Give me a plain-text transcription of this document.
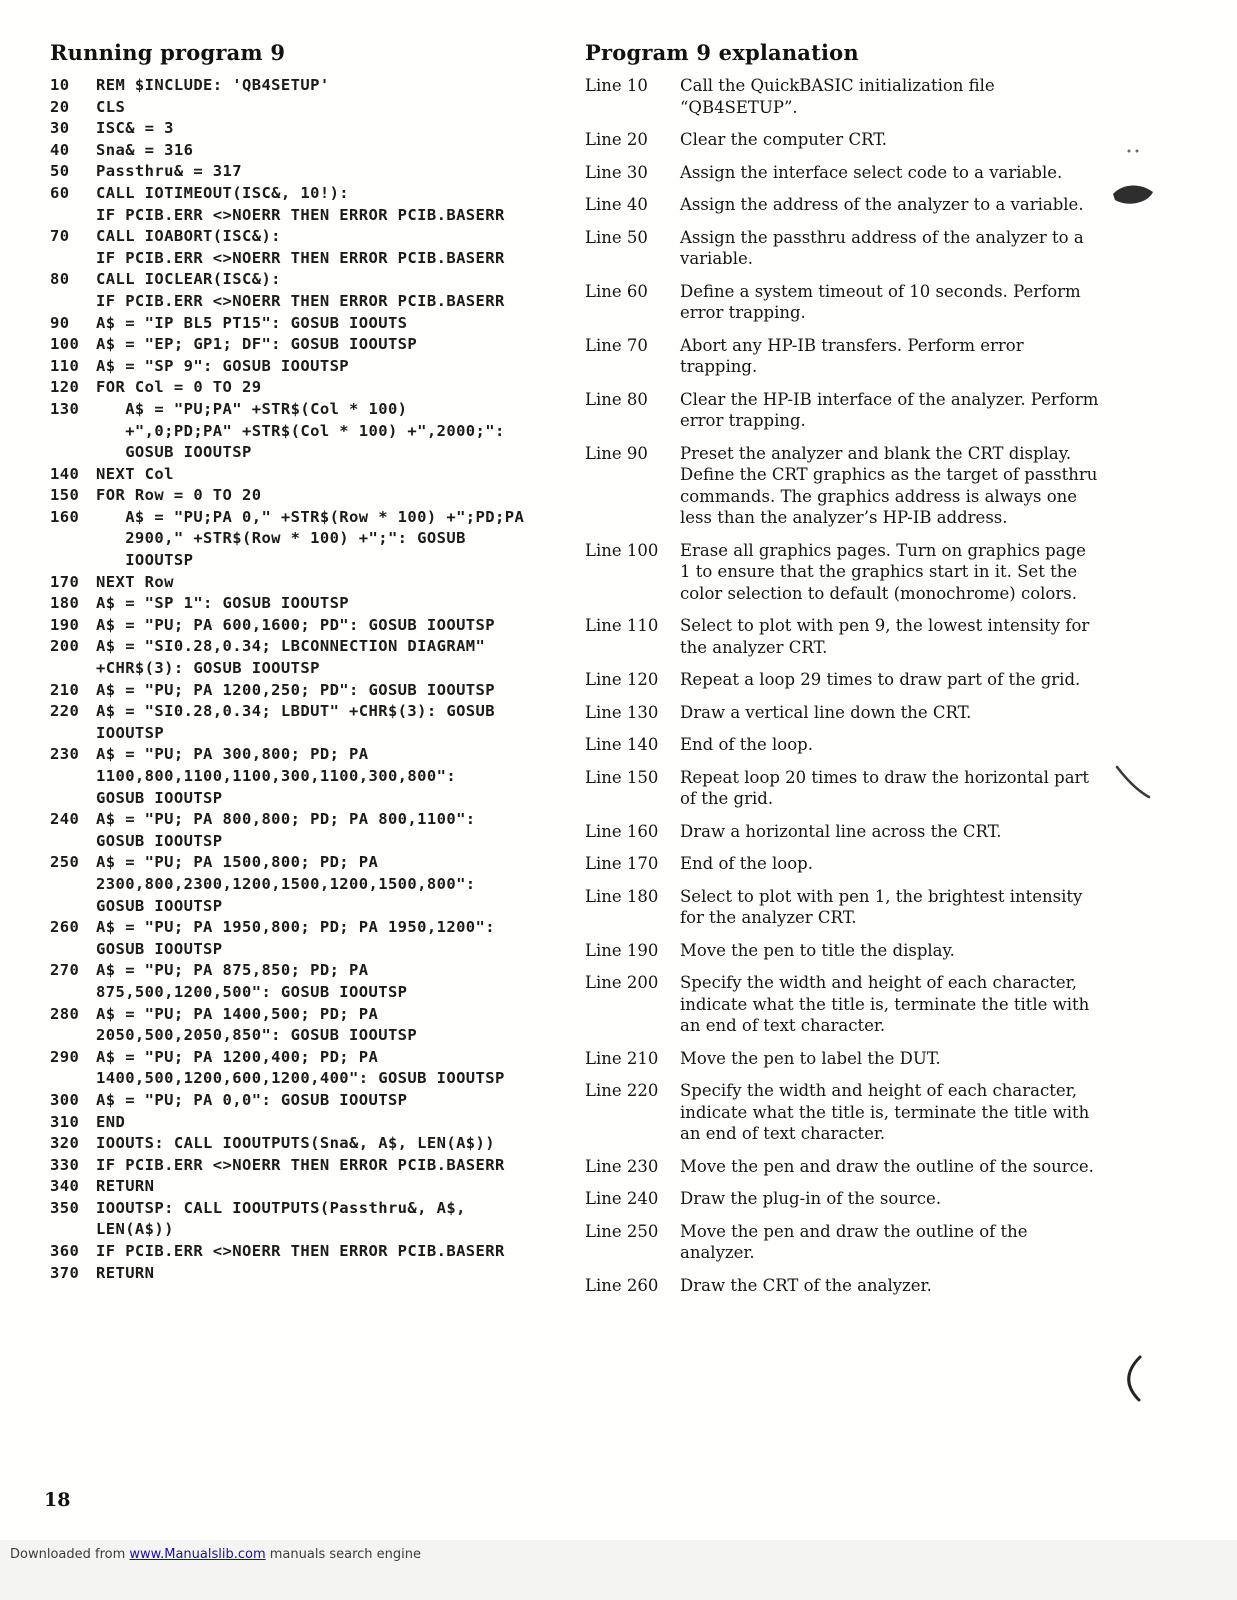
Running program 9
10	REM $INCLUDE: 'QB4SETUP'
20	CLS
30	ISC& = 3
40	Sna& = 316
50	Passthru& = 317
60	CALL IOTIMEOUT(ISC&, 10!):
IF PCIB.ERR <>NOERR THEN ERROR PCIB.BASERR
70	CALL IOABORT(ISC&):
IF PCIB.ERR <>NOERR THEN ERROR PCIB.BASERR
80	CALL IOCLEAR(ISC&):
IF PCIB.ERR <>NOERR THEN ERROR PCIB.BASERR
90	A$ = "IP BL5 PT15": GOSUB IOOUTS
100	A$ = "EP; GP1; DF": GOSUB IOOUTSP
110	A$ = "SP 9": GOSUB IOOUTSP
120	FOR Col = 0 TO 29
130	A$ = "PU;PA" +STR$(Col * 100)
+",0;PD;PA" +STR$(Col * 100) +",2000;":
GOSUB IOOUTSP
140	NEXT Col
150	FOR Row = 0 TO 20
160	A$ = "PU;PA 0," +STR$(Row * 100) +";PD;PA
2900," +STR$(Row * 100) +";": GOSUB
IOOUTSP
170	NEXT Row
180	A$ = "SP 1": GOSUB IOOUTSP
190	A$ = "PU; PA 600,1600; PD": GOSUB IOOUTSP
200	A$ = "SI0.28,0.34; LBCONNECTION DIAGRAM"
+CHR$(3): GOSUB IOOUTSP
210	A$ = "PU; PA 1200,250; PD": GOSUB IOOUTSP
220	A$ = "SI0.28,0.34; LBDUT" +CHR$(3): GOSUB
IOOUTSP
230	A$ = "PU; PA 300,800; PD; PA
1100,800,1100,1100,300,1100,300,800":
GOSUB IOOUTSP
240	A$ = "PU; PA 800,800; PD; PA 800,1100":
GOSUB IOOUTSP
250	A$ = "PU; PA 1500,800; PD; PA
2300,800,2300,1200,1500,1200,1500,800":
GOSUB IOOUTSP
260	A$ = "PU; PA 1950,800; PD; PA 1950,1200":
GOSUB IOOUTSP
270	A$ = "PU; PA 875,850; PD; PA
875,500,1200,500": GOSUB IOOUTSP
280	A$ = "PU; PA 1400,500; PD; PA
2050,500,2050,850": GOSUB IOOUTSP
290	A$ = "PU; PA 1200,400; PD; PA
1400,500,1200,600,1200,400": GOSUB IOOUTSP
300	A$ = "PU; PA 0,0": GOSUB IOOUTSP
310	END
320	IOOUTS: CALL IOOUTPUTS(Sna&, A$, LEN(A$))
330	IF PCIB.ERR <>NOERR THEN ERROR PCIB.BASERR
340	RETURN
350	IOOUTSP: CALL IOOUTPUTS(Passthru&, A$,
LEN(A$))
360	IF PCIB.ERR <>NOERR THEN ERROR PCIB.BASERR
370	RETURN
Program 9 explanation
Line 10	Call the QuickBASIC initialization file “QB4SETUP”.
Line 20	Clear the computer CRT.
Line 30	Assign the interface select code to a variable.
Line 40	Assign the address of the analyzer to a variable.
Line 50	Assign the passthru address of the analyzer to a variable.
Line 60	Define a system timeout of 10 seconds. Perform error trapping.
Line 70	Abort any HP-IB transfers. Perform error trapping.
Line 80	Clear the HP-IB interface of the analyzer. Perform error trapping.
Line 90	Preset the analyzer and blank the CRT display. Define the CRT graphics as the target of passthru commands. The graphics address is always one less than the analyzer’s HP-IB address.
Line 100	Erase all graphics pages. Turn on graphics page 1 to ensure that the graphics start in it. Set the color selection to default (monochrome) colors.
Line 110	Select to plot with pen 9, the lowest intensity for the analyzer CRT.
Line 120	Repeat a loop 29 times to draw part of the grid.
Line 130	Draw a vertical line down the CRT.
Line 140	End of the loop.
Line 150	Repeat loop 20 times to draw the horizontal part of the grid.
Line 160	Draw a horizontal line across the CRT.
Line 170	End of the loop.
Line 180	Select to plot with pen 1, the brightest intensity for the analyzer CRT.
Line 190	Move the pen to title the display.
Line 200	Specify the width and height of each character, indicate what the title is, terminate the title with an end of text character.
Line 210	Move the pen to label the DUT.
Line 220	Specify the width and height of each character, indicate what the title is, terminate the title with an end of text character.
Line 230	Move the pen and draw the outline of the source.
Line 240	Draw the plug-in of the source.
Line 250	Move the pen and draw the outline of the analyzer.
Line 260	Draw the CRT of the analyzer.
18
Downloaded from www.Manualslib.com manuals search engine
